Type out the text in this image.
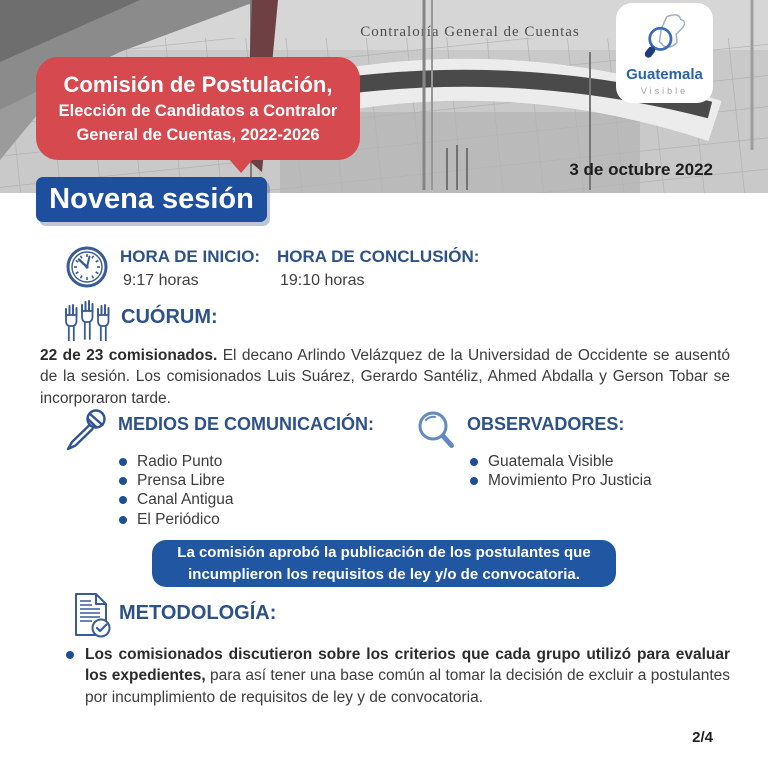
Contraloría General de Cuentas
Guatemala
Visible
Comisión de Postulación,
Elección de Candidatos a Contralor
General de Cuentas, 2022-2026
3 de octubre 2022
Novena sesión
HORA DE INICIO:
9:17 horas
HORA DE CONCLUSIÓN:
19:10 horas
CUÓRUM:
22 de 23 comisionados. El decano Arlindo Velázquez de la Universidad de Occidente se ausentó de la sesión. Los comisionados Luis Suárez, Gerardo Santéliz, Ahmed Abdalla y Gerson Tobar se incorporaron tarde.
MEDIOS DE COMUNICACIÓN:
Radio Punto
Prensa Libre
Canal Antigua
El Periódico
OBSERVADORES:
Guatemala Visible
Movimiento Pro Justicia
La comisión aprobó la publicación de los postulantes que
incumplieron los requisitos de ley y/o de convocatoria.
METODOLOGÍA:
Los comisionados discutieron sobre los criterios que cada grupo utilizó para evaluar los expedientes, para así tener una base común al tomar la decisión de excluir a postulantes por incumplimiento de requisitos de ley y de convocatoria.
2/4
